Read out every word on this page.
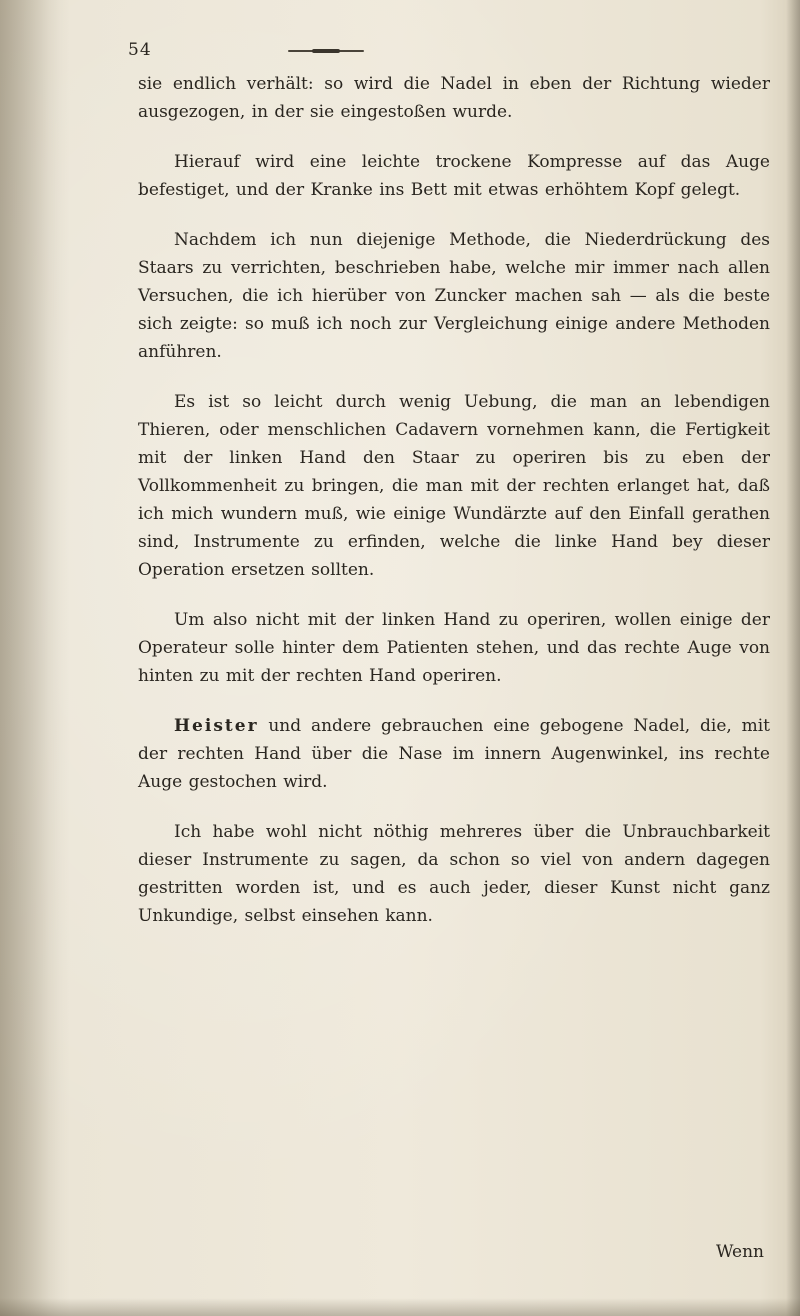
54

sie endlich verhält: so wird die Nadel in eben der Richtung wieder ausgezogen, in der sie eingestoßen wurde.

Hierauf wird eine leichte trockene Kompresse auf das Auge befestiget, und der Kranke ins Bett mit etwas erhöhtem Kopf gelegt.

Nachdem ich nun diejenige Methode, die Niederdrückung des Staars zu verrichten, beschrieben habe, welche mir immer nach allen Versuchen, die ich hierüber von Zuncker machen sah — als die beste sich zeigte: so muß ich noch zur Vergleichung einige andere Methoden anführen.

Es ist so leicht durch wenig Uebung, die man an lebendigen Thieren, oder menschlichen Cadavern vornehmen kann, die Fertigkeit mit der linken Hand den Staar zu operiren bis zu eben der Vollkommenheit zu bringen, die man mit der rechten erlanget hat, daß ich mich wundern muß, wie einige Wundärzte auf den Einfall gerathen sind, Instrumente zu erfinden, welche die linke Hand bey dieser Operation ersetzen sollten.

Um also nicht mit der linken Hand zu operiren, wollen einige der Operateur solle hinter dem Patienten stehen, und das rechte Auge von hinten zu mit der rechten Hand operiren.

Heister und andere gebrauchen eine gebogene Nadel, die, mit der rechten Hand über die Nase im innern Augenwinkel, ins rechte Auge gestochen wird.

Ich habe wohl nicht nöthig mehreres über die Unbrauchbarkeit dieser Instrumente zu sagen, da schon so viel von andern dagegen gestritten worden ist, und es auch jeder, dieser Kunst nicht ganz Unkundige, selbst einsehen kann.

Wenn
